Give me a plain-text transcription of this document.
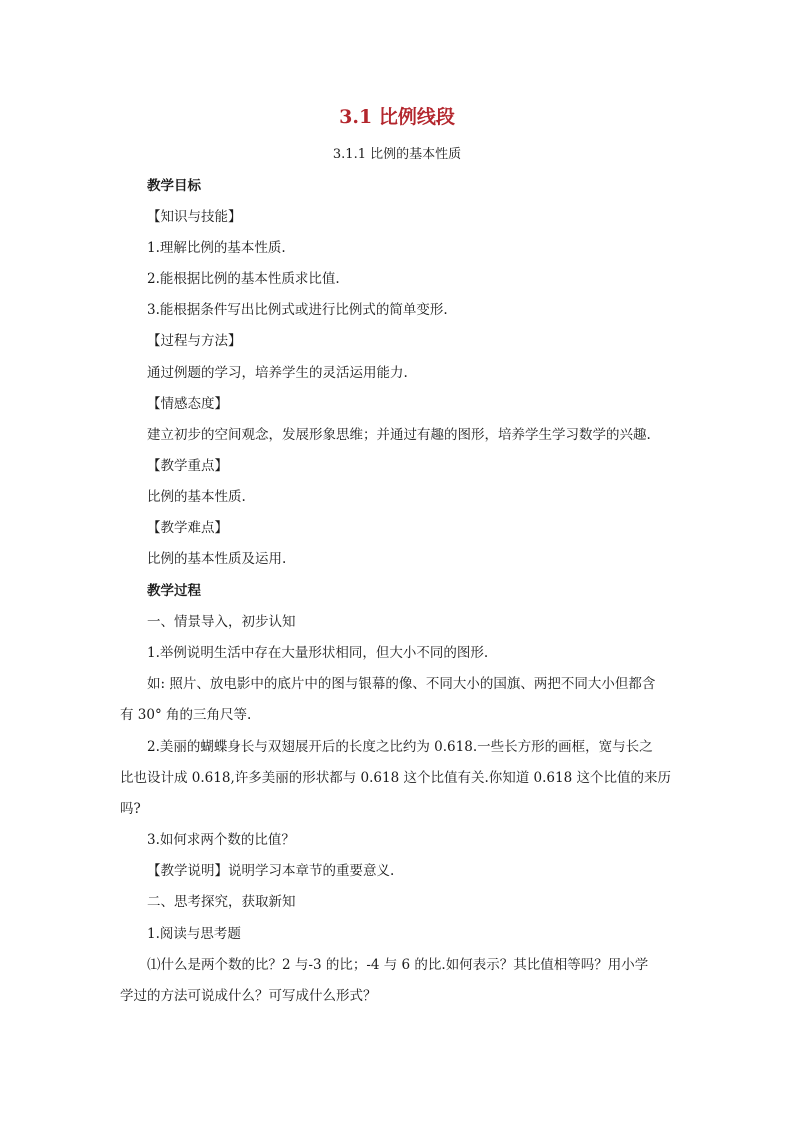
3.1 比例线段
3.1.1 比例的基本性质
教学目标
【知识与技能】
1.理解比例的基本性质.
2.能根据比例的基本性质求比值.
3.能根据条件写出比例式或进行比例式的简单变形.
【过程与方法】
通过例题的学习，培养学生的灵活运用能力.
【情感态度】
建立初步的空间观念，发展形象思维；并通过有趣的图形，培养学生学习数学的兴趣.
【教学重点】
比例的基本性质.
【教学难点】
比例的基本性质及运用.
教学过程
一、情景导入，初步认知
1.举例说明生活中存在大量形状相同，但大小不同的图形.
如: 照片、放电影中的底片中的图与银幕的像、不同大小的国旗、两把不同大小但都含
有 30° 角的三角尺等.
2.美丽的蝴蝶身长与双翅展开后的长度之比约为 0.618.一些长方形的画框，宽与长之
比也设计成 0.618,许多美丽的形状都与 0.618 这个比值有关.你知道 0.618 这个比值的来历
吗?
3.如何求两个数的比值？
【教学说明】说明学习本章节的重要意义.
二、思考探究，获取新知
1.阅读与思考题
⑴什么是两个数的比？2 与-3 的比；-4 与 6 的比.如何表示？其比值相等吗？用小学
学过的方法可说成什么？可写成什么形式？
